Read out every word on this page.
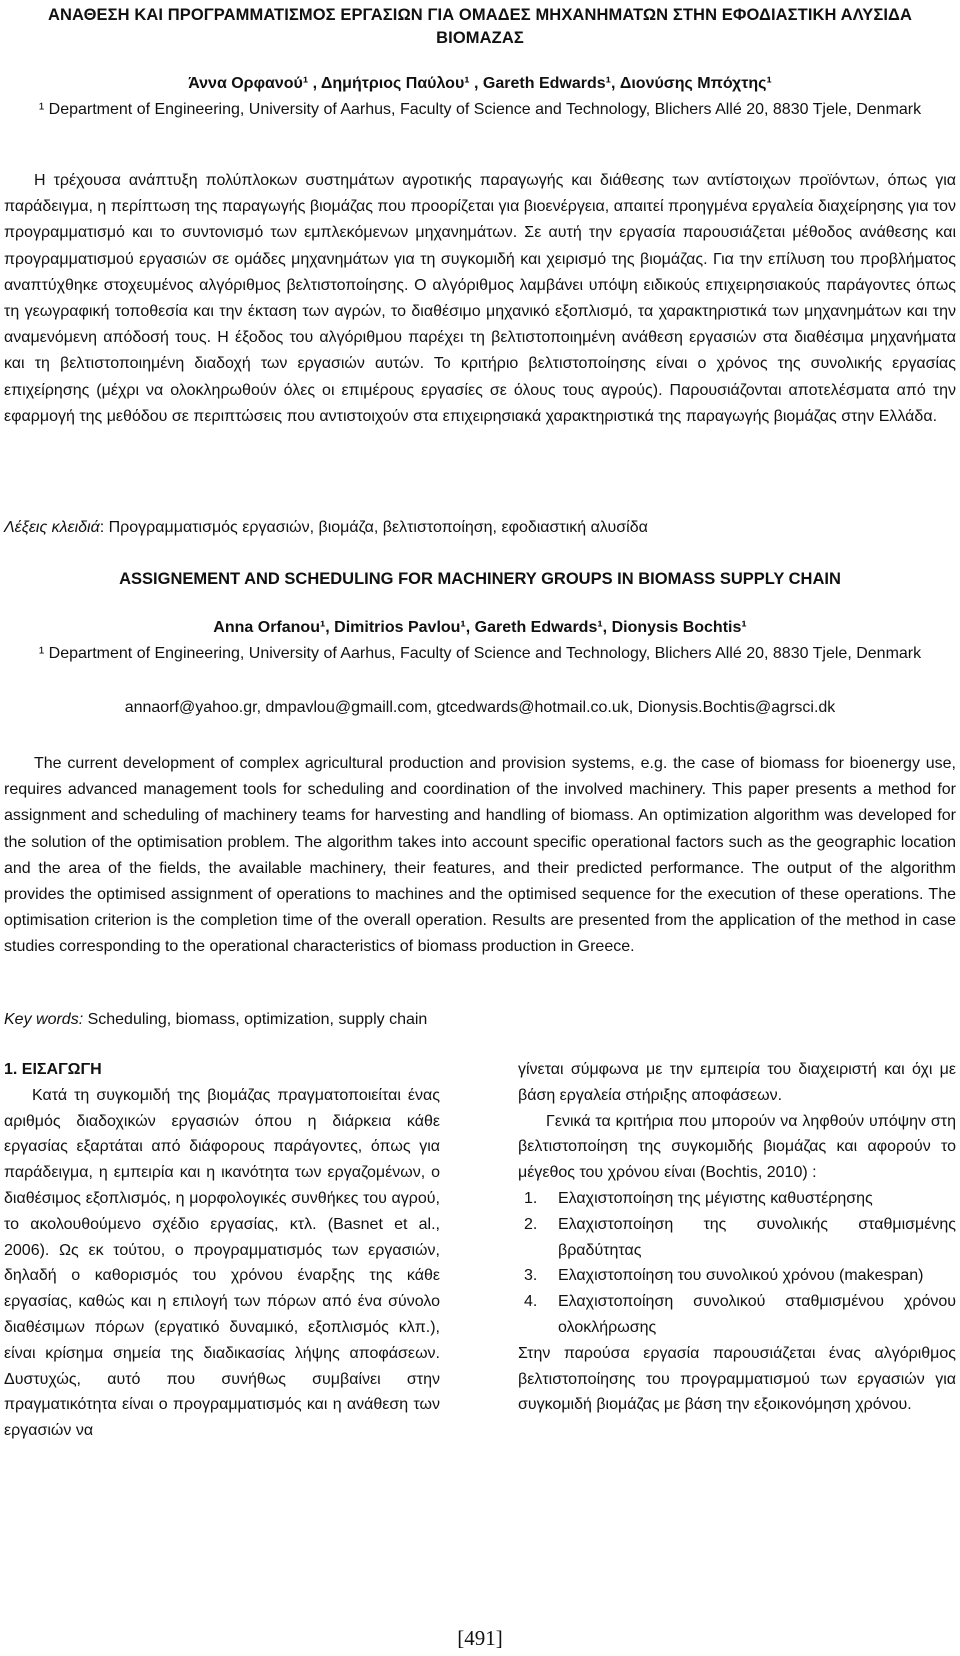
ΑΝΑΘΕΣΗ ΚΑΙ ΠΡΟΓΡΑΜΜΑΤΙΣΜΟΣ ΕΡΓΑΣΙΩΝ ΓΙΑ ΟΜΑΔΕΣ ΜΗΧΑΝΗΜΑΤΩΝ ΣΤΗΝ ΕΦΟΔΙΑΣΤΙΚΗ ΑΛΥΣΙΔΑ ΒΙΟΜΑΖΑΣ
Άννα Ορφανού¹ , Δημήτριος Παύλου¹ , Gareth Edwards¹, Διονύσης Μπόχτης¹
¹ Department of Engineering, University of Aarhus, Faculty of Science and Technology, Blichers Allé 20, 8830 Tjele, Denmark
Η τρέχουσα ανάπτυξη πολύπλοκων συστημάτων αγροτικής παραγωγής και διάθεσης των αντίστοιχων προϊόντων, όπως για παράδειγμα, η περίπτωση της παραγωγής βιομάζας που προορίζεται για βιοενέργεια, απαιτεί προηγμένα εργαλεία διαχείρησης για τον προγραμματισμό και το συντονισμό των εμπλεκόμενων μηχανημάτων. Σε αυτή την εργασία παρουσιάζεται μέθοδος ανάθεσης και προγραμματισμού εργασιών σε ομάδες μηχανημάτων για τη συγκομιδή και χειρισμό της βιομάζας. Για την επίλυση του προβλήματος αναπτύχθηκε στοχευμένος αλγόριθμος βελτιστοποίησης. Ο αλγόριθμος λαμβάνει υπόψη ειδικούς επιχειρησιακούς παράγοντες όπως τη γεωγραφική τοποθεσία και την έκταση των αγρών, το διαθέσιμο μηχανικό εξοπλισμό, τα χαρακτηριστικά των μηχανημάτων και την αναμενόμενη απόδοσή τους. Η έξοδος του αλγόριθμου παρέχει τη βελτιστοποιημένη ανάθεση εργασιών στα διαθέσιμα μηχανήματα και τη βελτιστοποιημένη διαδοχή των εργασιών αυτών. Το κριτήριο βελτιστοποίησης είναι ο χρόνος της συνολικής εργασίας επιχείρησης (μέχρι να ολοκληρωθούν όλες οι επιμέρους εργασίες σε όλους τους αγρούς). Παρουσιάζονται αποτελέσματα από την εφαρμογή της μεθόδου σε περιπτώσεις που αντιστοιχούν στα επιχειρησιακά χαρακτηριστικά της παραγωγής βιομάζας στην Ελλάδα.
Λέξεις κλειδιά: Προγραμματισμός εργασιών, βιομάζα, βελτιστοποίηση, εφοδιαστική αλυσίδα
ASSIGNEMENT AND SCHEDULING FOR MACHINERY GROUPS IN BIOMASS SUPPLY CHAIN
Anna Orfanou¹, Dimitrios Pavlou¹, Gareth Edwards¹, Dionysis Bochtis¹
¹ Department of Engineering, University of Aarhus, Faculty of Science and Technology, Blichers Allé 20, 8830 Tjele, Denmark
annaorf@yahoo.gr, dmpavlou@gmaill.com, gtcedwards@hotmail.co.uk, Dionysis.Bochtis@agrsci.dk
The current development of complex agricultural production and provision systems, e.g. the case of biomass for bioenergy use, requires advanced management tools for scheduling and coordination of the involved machinery. This paper presents a method for assignment and scheduling of machinery teams for harvesting and handling of biomass. An optimization algorithm was developed for the solution of the optimisation problem. The algorithm takes into account specific operational factors such as the geographic location and the area of the fields, the available machinery, their features, and their predicted performance. The output of the algorithm provides the optimised assignment of operations to machines and the optimised sequence for the execution of these operations. The optimisation criterion is the completion time of the overall operation. Results are presented from the application of the method in case studies corresponding to the operational characteristics of biomass production in Greece.
Key words: Scheduling, biomass, optimization, supply chain

1. ΕΙΣΑΓΩΓΗ

Κατά τη συγκομιδή της βιομάζας πραγματοποιείται ένας αριθμός διαδοχικών εργασιών όπου η διάρκεια κάθε εργασίας εξαρτάται από διάφορους παράγοντες, όπως για παράδειγμα, η εμπειρία και η ικανότητα των εργαζομένων, ο διαθέσιμος εξοπλισμός, η μορφολογικές συνθήκες του αγρού, το ακολουθούμενο σχέδιο εργασίας, κτλ. (Basnet et al., 2006). Ως εκ τούτου, ο προγραμματισμός των εργασιών, δηλαδή ο καθορισμός του χρόνου έναρξης της κάθε εργασίας, καθώς και η επιλογή των πόρων από ένα σύνολο διαθέσιμων πόρων (εργατικό δυναμικό, εξοπλισμός κλπ.), είναι κρίσημα σημεία της διαδικασίας λήψης αποφάσεων. Δυστυχώς, αυτό που συνήθως συμβαίνει στην πραγματικότητα είναι ο προγραμματισμός και η ανάθεση των εργασιών να

γίνεται σύμφωνα με την εμπειρία του διαχειριστή και όχι με βάση εργαλεία στήριξης αποφάσεων.

Γενικά τα κριτήρια που μπορούν να ληφθούν υπόψην στη βελτιστοποίηση της συγκομιδής βιομάζας και αφορούν το μέγεθος του χρόνου είναι (Bochtis, 2010) :

1.	Ελαχιστοποίηση της μέγιστης καθυστέρησης
2.	Ελαχιστοποίηση της συνολικής σταθμισμένης βραδύτητας
3.	Ελαχιστοποίηση του συνολικού χρόνου (makespan)
4.	Ελαχιστοποίηση συνολικού σταθμισμένου χρόνου ολοκλήρωσης

Στην παρούσα εργασία παρουσιάζεται ένας αλγόριθμος βελτιστοποίησης του προγραμματισμού των εργασιών για συγκομιδή βιομάζας με βάση την εξοικονόμηση χρόνου.

[491]
